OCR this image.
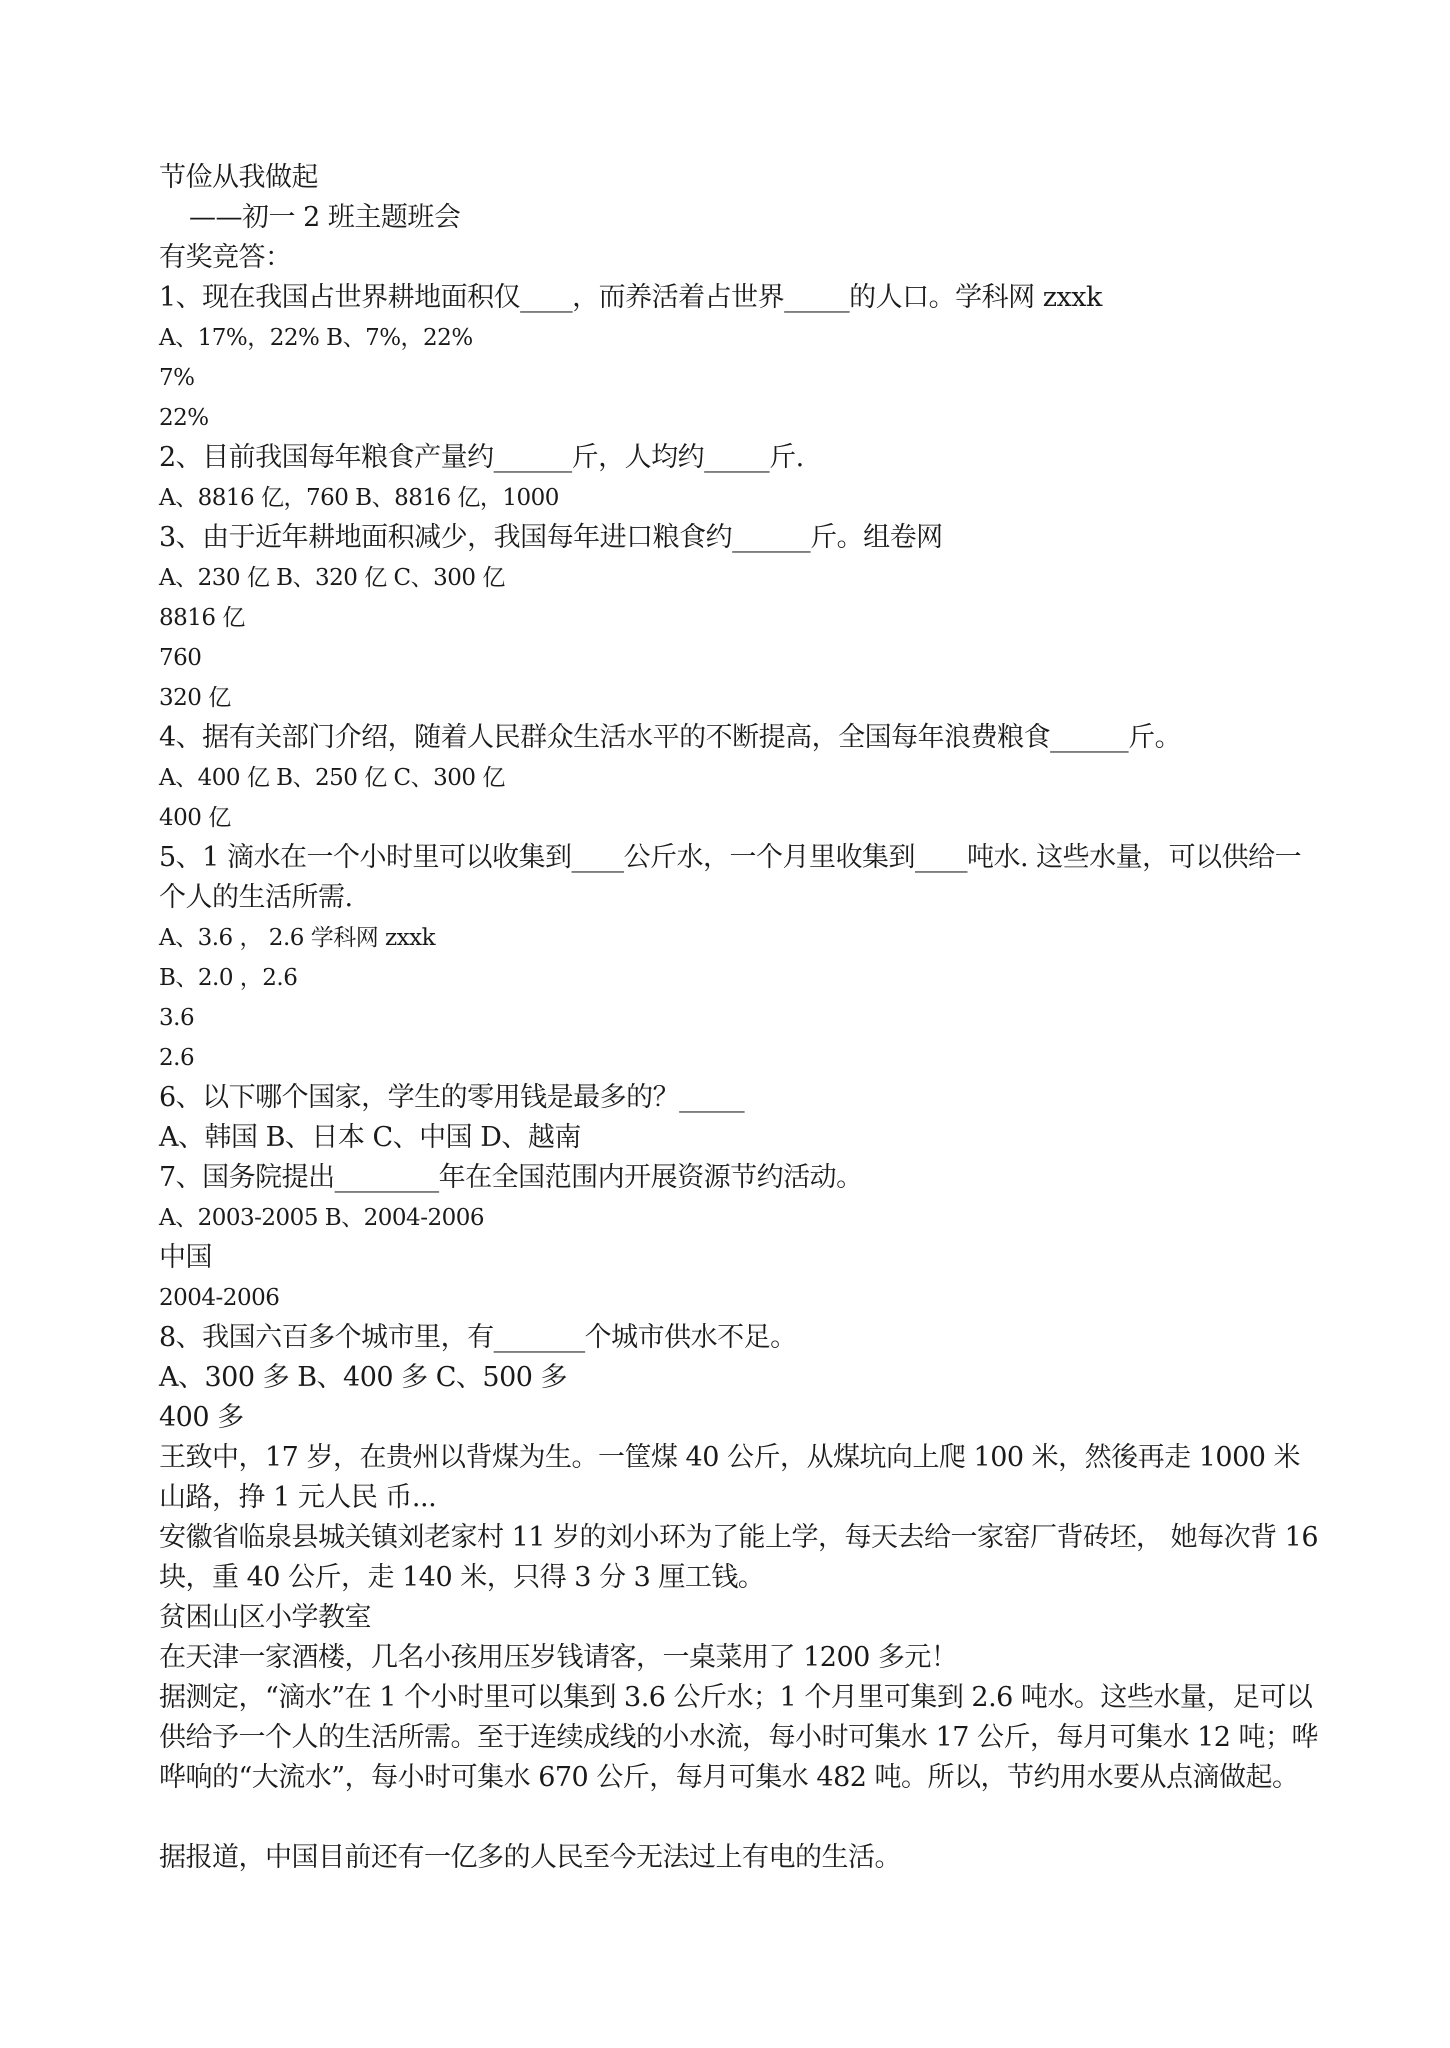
节俭从我做起
——初一 2 班主题班会
有奖竞答：
1、现在我国占世界耕地面积仅____，而养活着占世界_____的人口。学科网 zxxk
A、17%，22% B、7%，22%
7%
22%
2、目前我国每年粮食产量约______斤，人均约_____斤.
A、8816 亿，760 B、8816 亿，1000
3、由于近年耕地面积减少，我国每年进口粮食约______斤。组卷网
A、230 亿 B、320 亿 C、300 亿
8816 亿
760
320 亿
4、据有关部门介绍，随着人民群众生活水平的不断提高，全国每年浪费粮食______斤。
A、400 亿 B、250 亿 C、300 亿
400 亿
5、1 滴水在一个小时里可以收集到____公斤水，一个月里收集到____吨水. 这些水量，可以供给一个人的生活所需.
A、3.6 ， 2.6 学科网 zxxk
B、2.0 ，2.6
3.6
2.6
6、以下哪个国家，学生的零用钱是最多的？_____
A、韩国 B、日本 C、中国 D、越南
7、国务院提出________年在全国范围内开展资源节约活动。
A、2003-2005 B、2004-2006
中国
2004-2006
8、我国六百多个城市里，有_______个城市供水不足。
A、300 多 B、400 多 C、500 多
400 多
王致中，17 岁，在贵州以背煤为生。一筐煤 40 公斤，从煤坑向上爬 100 米，然後再走 1000 米山路，挣 1 元人民 币...
安徽省临泉县城关镇刘老家村 11 岁的刘小环为了能上学，每天去给一家窑厂背砖坯， 她每次背 16 块，重 40 公斤，走 140 米，只得 3 分 3 厘工钱。
贫困山区小学教室
在天津一家酒楼，几名小孩用压岁钱请客，一桌菜用了 1200 多元！
据测定，“滴水”在 1 个小时里可以集到 3.6 公斤水；1 个月里可集到 2.6 吨水。这些水量，足可以供给予一个人的生活所需。至于连续成线的小水流，每小时可集水 17 公斤，每月可集水 12 吨；哗哗响的“大流水”，每小时可集水 670 公斤，每月可集水 482 吨。所以，节约用水要从点滴做起。
据报道，中国目前还有一亿多的人民至今无法过上有电的生活。
